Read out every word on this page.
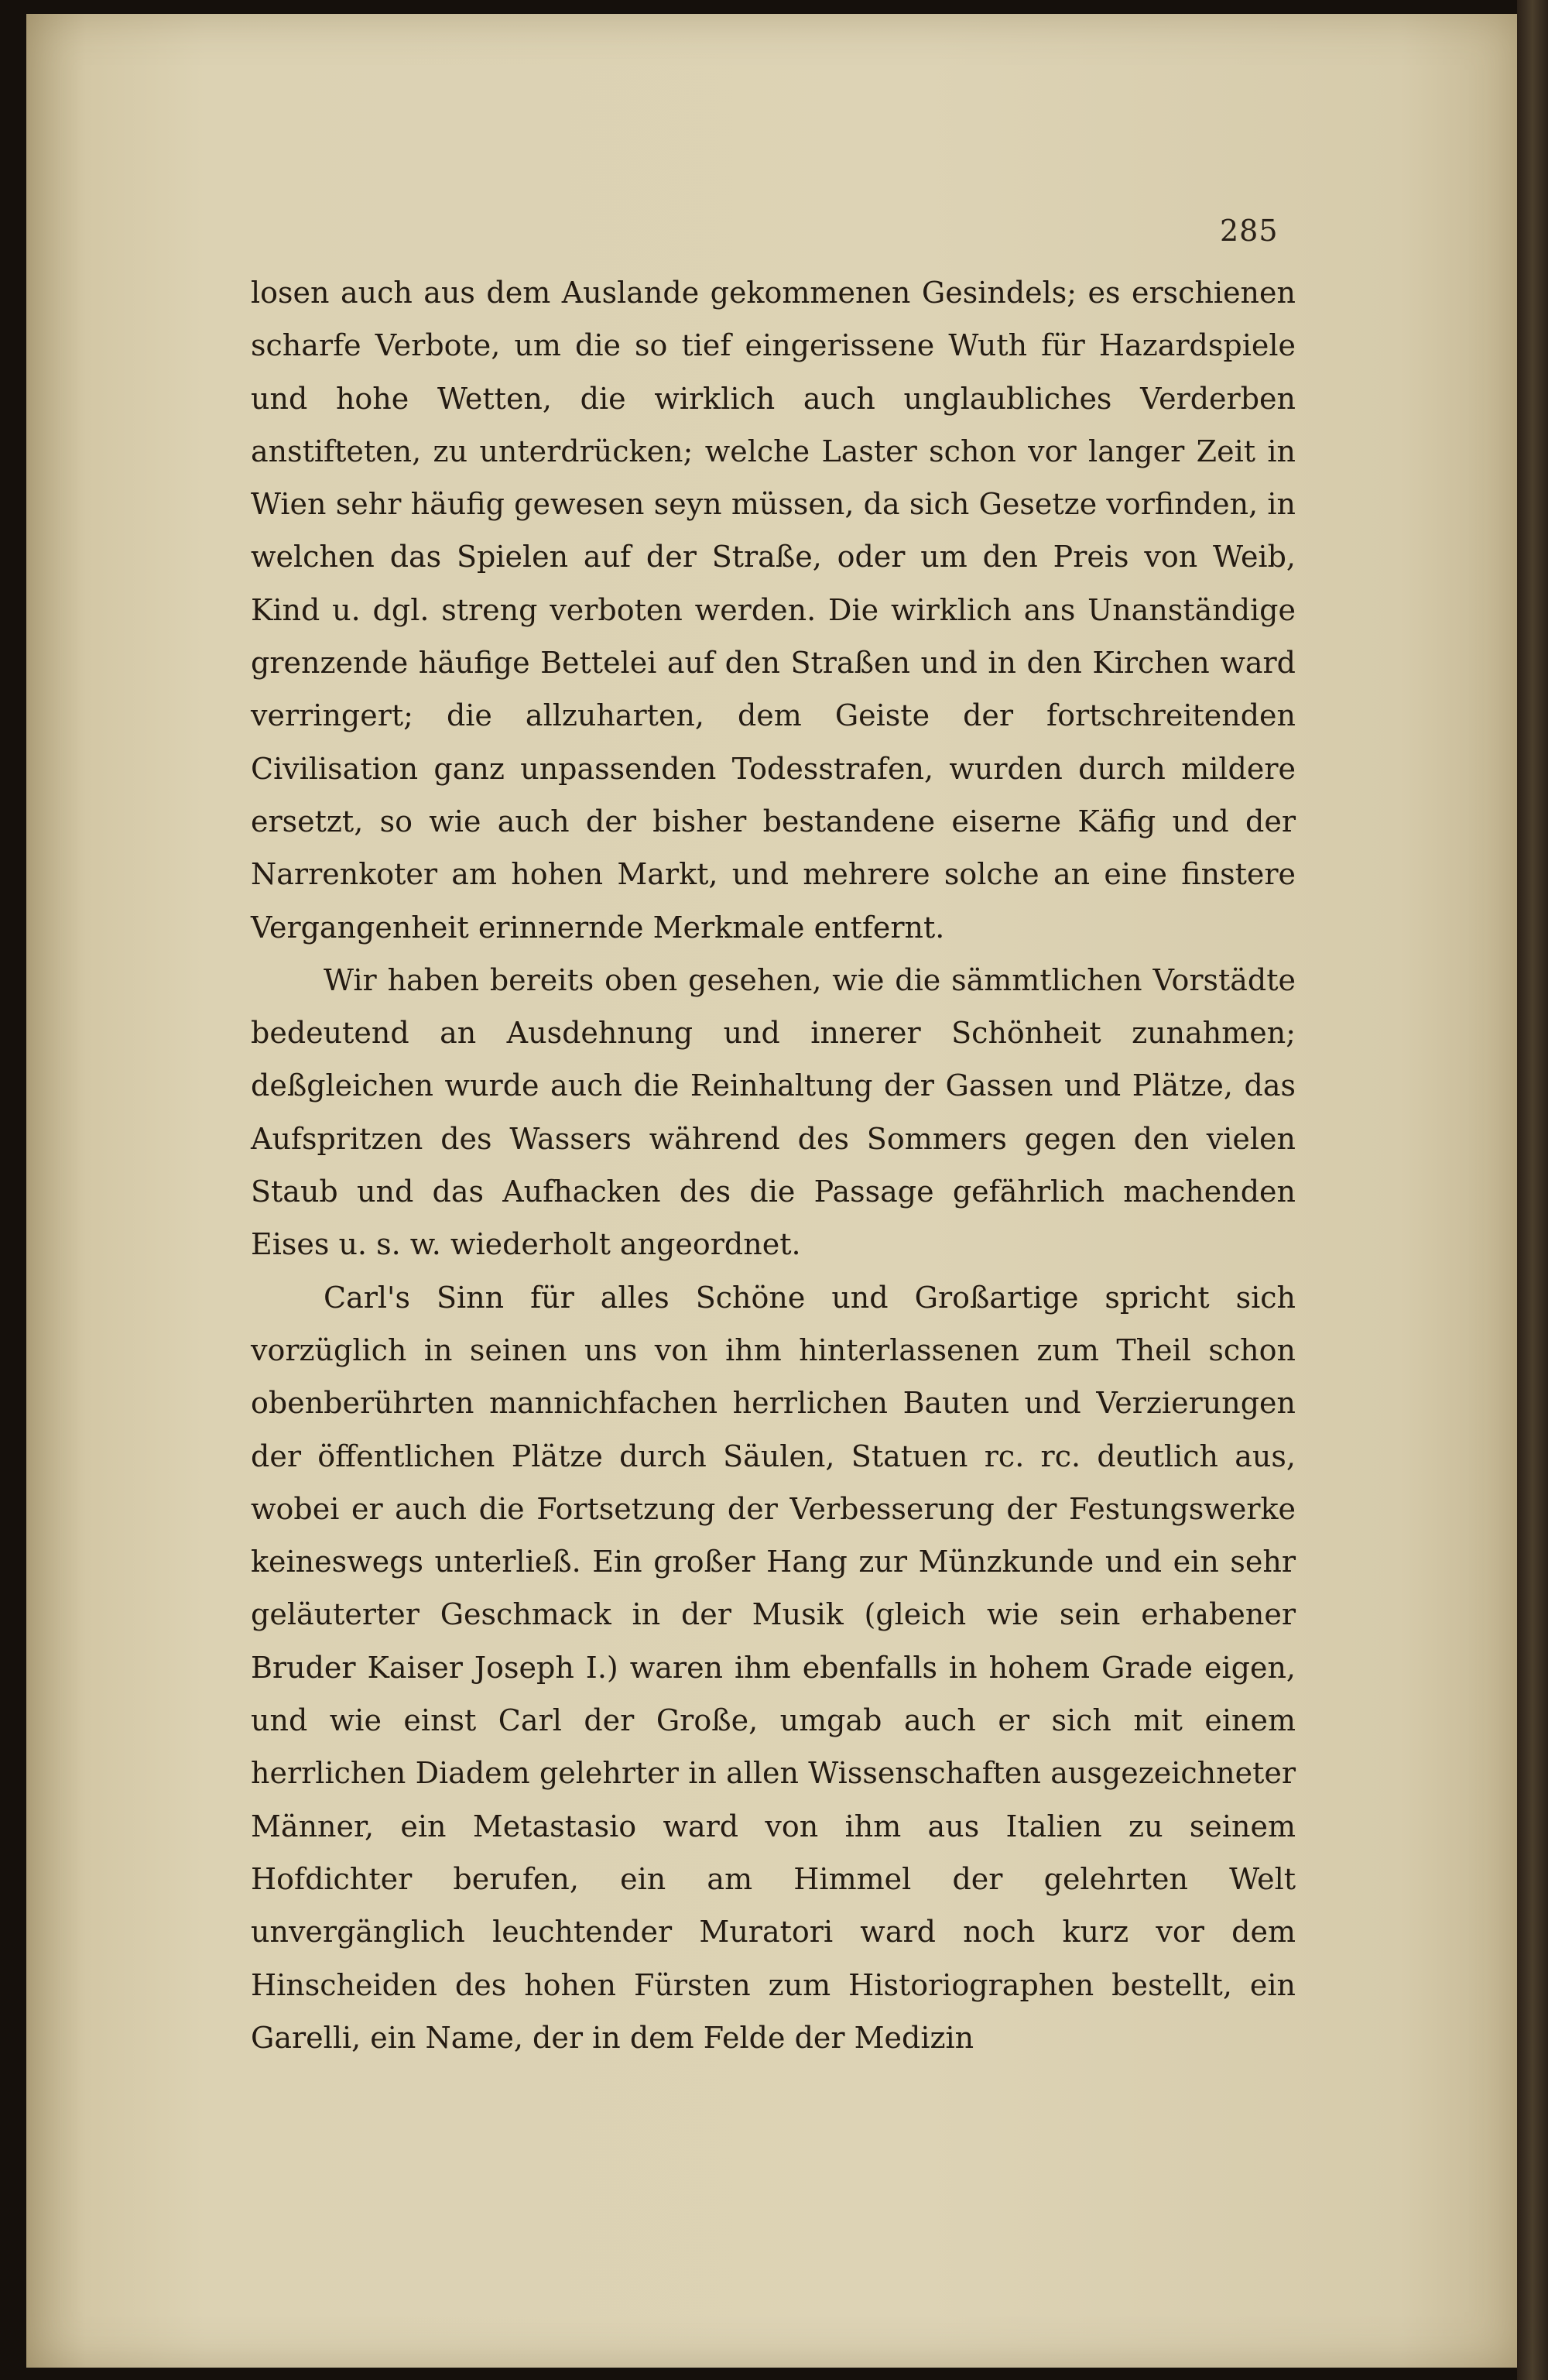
285

losen auch aus dem Auslande gekommenen Gesindels; es erschienen scharfe Verbote, um die so tief eingerissene Wuth für Hazardspiele und hohe Wetten, die wirklich auch unglaubliches Verderben anstifteten, zu unterdrücken; welche Laster schon vor langer Zeit in Wien sehr häufig gewesen seyn müssen, da sich Gesetze vorfinden, in welchen das Spielen auf der Straße, oder um den Preis von Weib, Kind u. dgl. streng verboten werden. Die wirklich ans Unanständige grenzende häufige Bettelei auf den Straßen und in den Kirchen ward verringert; die allzuharten, dem Geiste der fortschreitenden Civilisation ganz unpassenden Todesstrafen, wurden durch mildere ersetzt, so wie auch der bisher bestandene eiserne Käfig und der Narrenkoter am hohen Markt, und mehrere solche an eine finstere Vergangenheit erinnernde Merkmale entfernt.

Wir haben bereits oben gesehen, wie die sämmtlichen Vorstädte bedeutend an Ausdehnung und innerer Schönheit zunahmen; deßgleichen wurde auch die Reinhaltung der Gassen und Plätze, das Aufspritzen des Wassers während des Sommers gegen den vielen Staub und das Aufhacken des die Passage gefährlich machenden Eises u. s. w. wiederholt angeordnet.

Carl's Sinn für alles Schöne und Großartige spricht sich vorzüglich in seinen uns von ihm hinterlassenen zum Theil schon obenberührten mannichfachen herrlichen Bauten und Verzierungen der öffentlichen Plätze durch Säulen, Statuen rc. rc. deutlich aus, wobei er auch die Fortsetzung der Verbesserung der Festungswerke keineswegs unterließ. Ein großer Hang zur Münzkunde und ein sehr geläuterter Geschmack in der Musik (gleich wie sein erhabener Bruder Kaiser Joseph I.) waren ihm ebenfalls in hohem Grade eigen, und wie einst Carl der Große, umgab auch er sich mit einem herrlichen Diadem gelehrter in allen Wissenschaften ausgezeichneter Männer, ein Metastasio ward von ihm aus Italien zu seinem Hofdichter berufen, ein am Himmel der gelehrten Welt unvergänglich leuchtender Muratori ward noch kurz vor dem Hinscheiden des hohen Fürsten zum Historiographen bestellt, ein Garelli, ein Name, der in dem Felde der Medizin
